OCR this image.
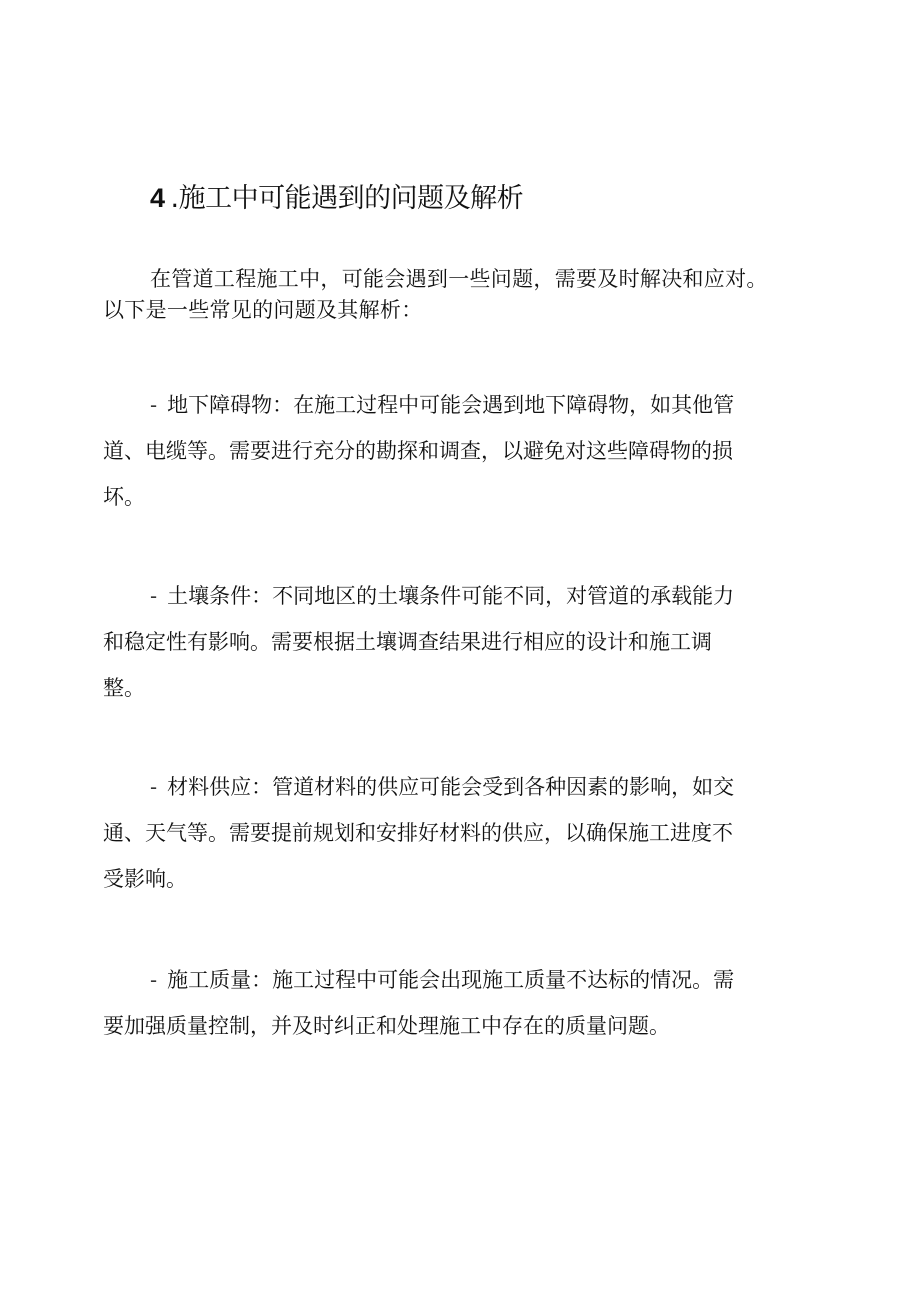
4 .施工中可能遇到的问题及解析

在管道工程施工中，可能会遇到一些问题，需要及时解决和应对。
以下是一些常见的问题及其解析：

- 地下障碍物：在施工过程中可能会遇到地下障碍物，如其他管
道、电缆等。需要进行充分的勘探和调查，以避免对这些障碍物的损
坏。
- 土壤条件：不同地区的土壤条件可能不同，对管道的承载能力
和稳定性有影响。需要根据土壤调查结果进行相应的设计和施工调
整。
- 材料供应：管道材料的供应可能会受到各种因素的影响，如交
通、天气等。需要提前规划和安排好材料的供应，以确保施工进度不
受影响。
- 施工质量：施工过程中可能会出现施工质量不达标的情况。需
要加强质量控制，并及时纠正和处理施工中存在的质量问题。
